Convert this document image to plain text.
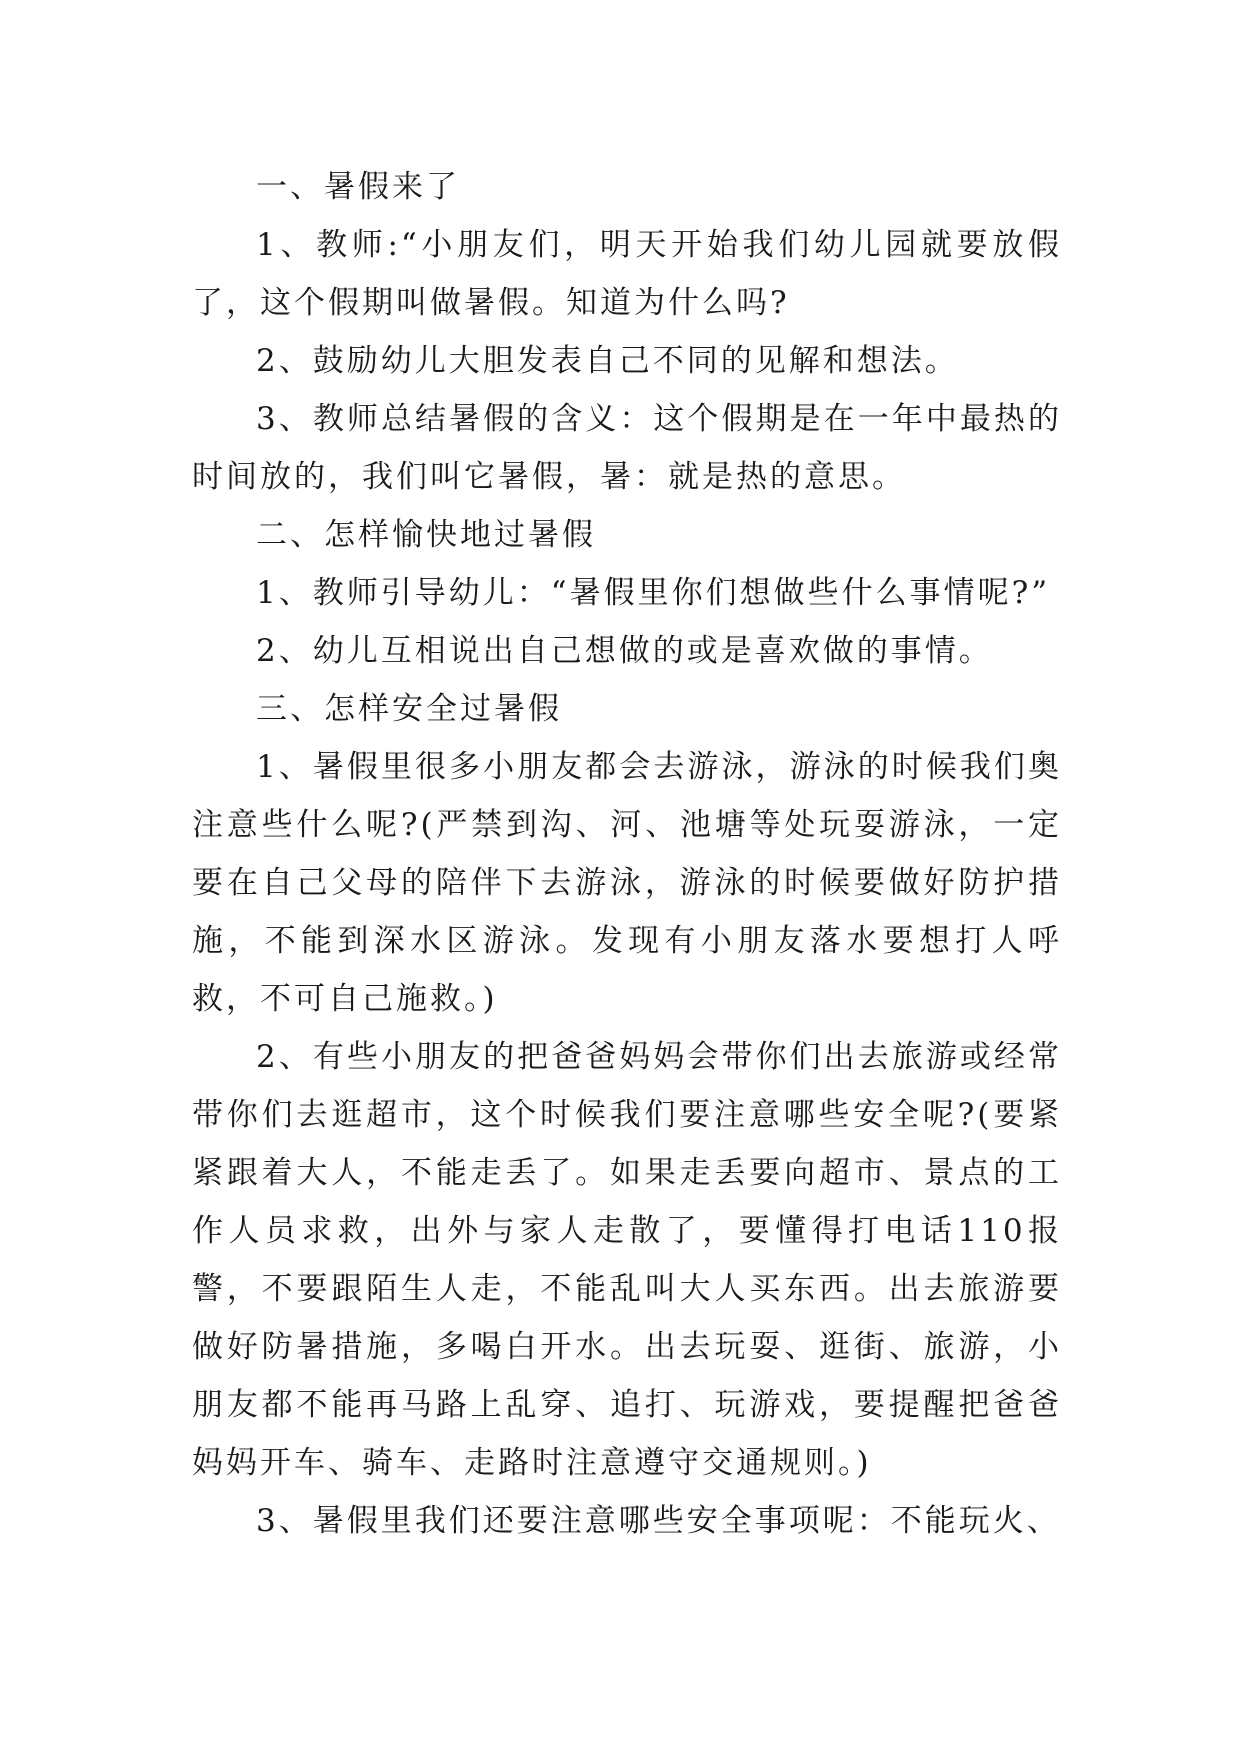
一、暑假来了

1、教师:“小朋友们，明天开始我们幼儿园就要放假了，这个假期叫做暑假。知道为什么吗?

2、鼓励幼儿大胆发表自己不同的见解和想法。

3、教师总结暑假的含义：这个假期是在一年中最热的时间放的，我们叫它暑假，暑：就是热的意思。

二、怎样愉快地过暑假

1、教师引导幼儿：“暑假里你们想做些什么事情呢?”

2、幼儿互相说出自己想做的或是喜欢做的事情。

三、怎样安全过暑假

1、暑假里很多小朋友都会去游泳，游泳的时候我们奥注意些什么呢?(严禁到沟、河、池塘等处玩耍游泳，一定要在自己父母的陪伴下去游泳，游泳的时候要做好防护措施，不能到深水区游泳。发现有小朋友落水要想打人呼救，不可自己施救。)

2、有些小朋友的把爸爸妈妈会带你们出去旅游或经常带你们去逛超市，这个时候我们要注意哪些安全呢?(要紧紧跟着大人，不能走丢了。如果走丢要向超市、景点的工作人员求救，出外与家人走散了，要懂得打电话110报警，不要跟陌生人走，不能乱叫大人买东西。出去旅游要做好防暑措施，多喝白开水。出去玩耍、逛街、旅游，小朋友都不能再马路上乱穿、追打、玩游戏，要提醒把爸爸妈妈开车、骑车、走路时注意遵守交通规则。)

3、暑假里我们还要注意哪些安全事项呢：不能玩火、
